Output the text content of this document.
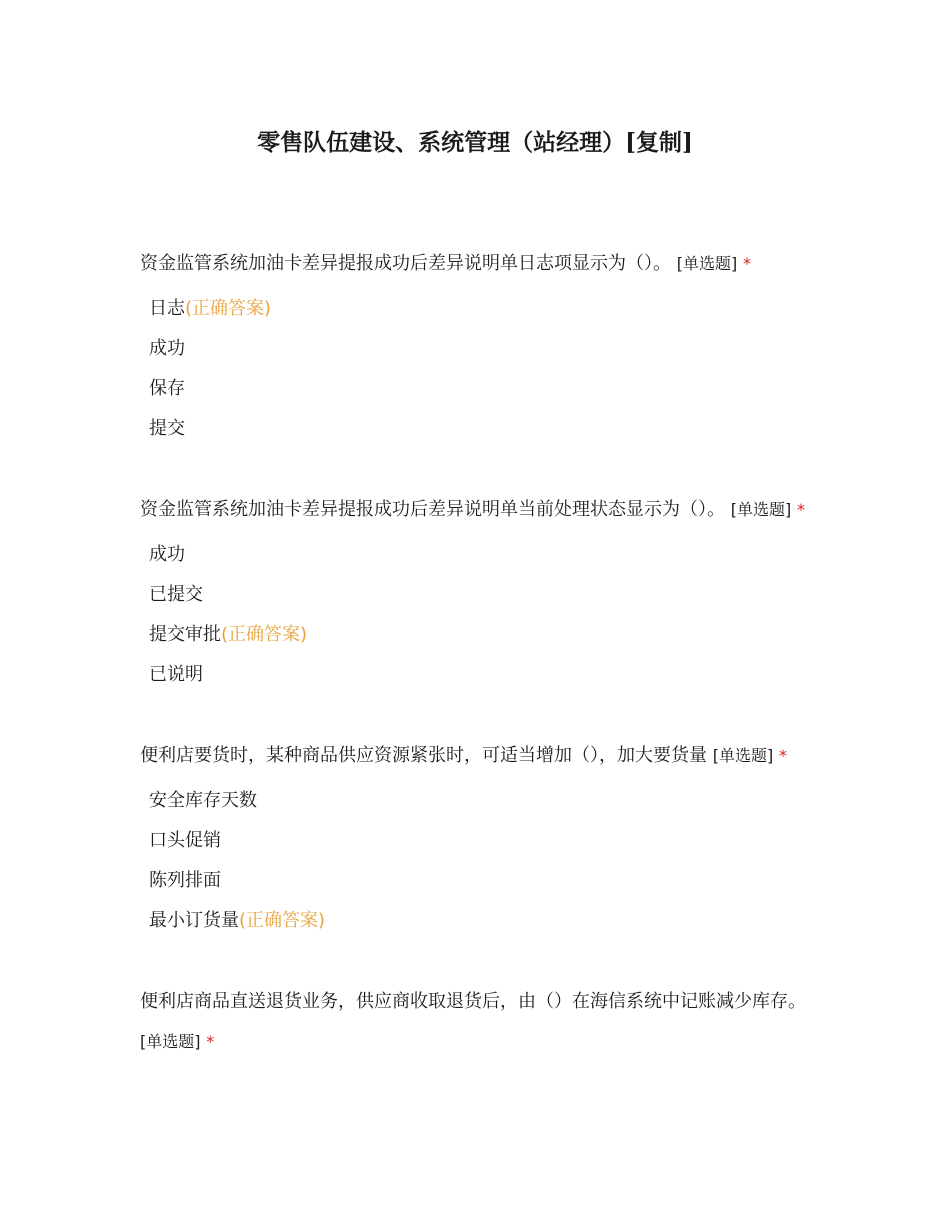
零售队伍建设、系统管理（站经理）[复制]

资金监管系统加油卡差异提报成功后差异说明单日志项显示为（）。 [单选题] *

日志(正确答案)
成功
保存
提交

资金监管系统加油卡差异提报成功后差异说明单当前处理状态显示为（）。 [单选题] *

成功
已提交
提交审批(正确答案)
已说明

便利店要货时，某种商品供应资源紧张时，可适当增加（），加大要货量 [单选题] *

安全库存天数
口头促销
陈列排面
最小订货量(正确答案)

便利店商品直送退货业务，供应商收取退货后，由（）在海信系统中记账减少库存。 [单选题] *
